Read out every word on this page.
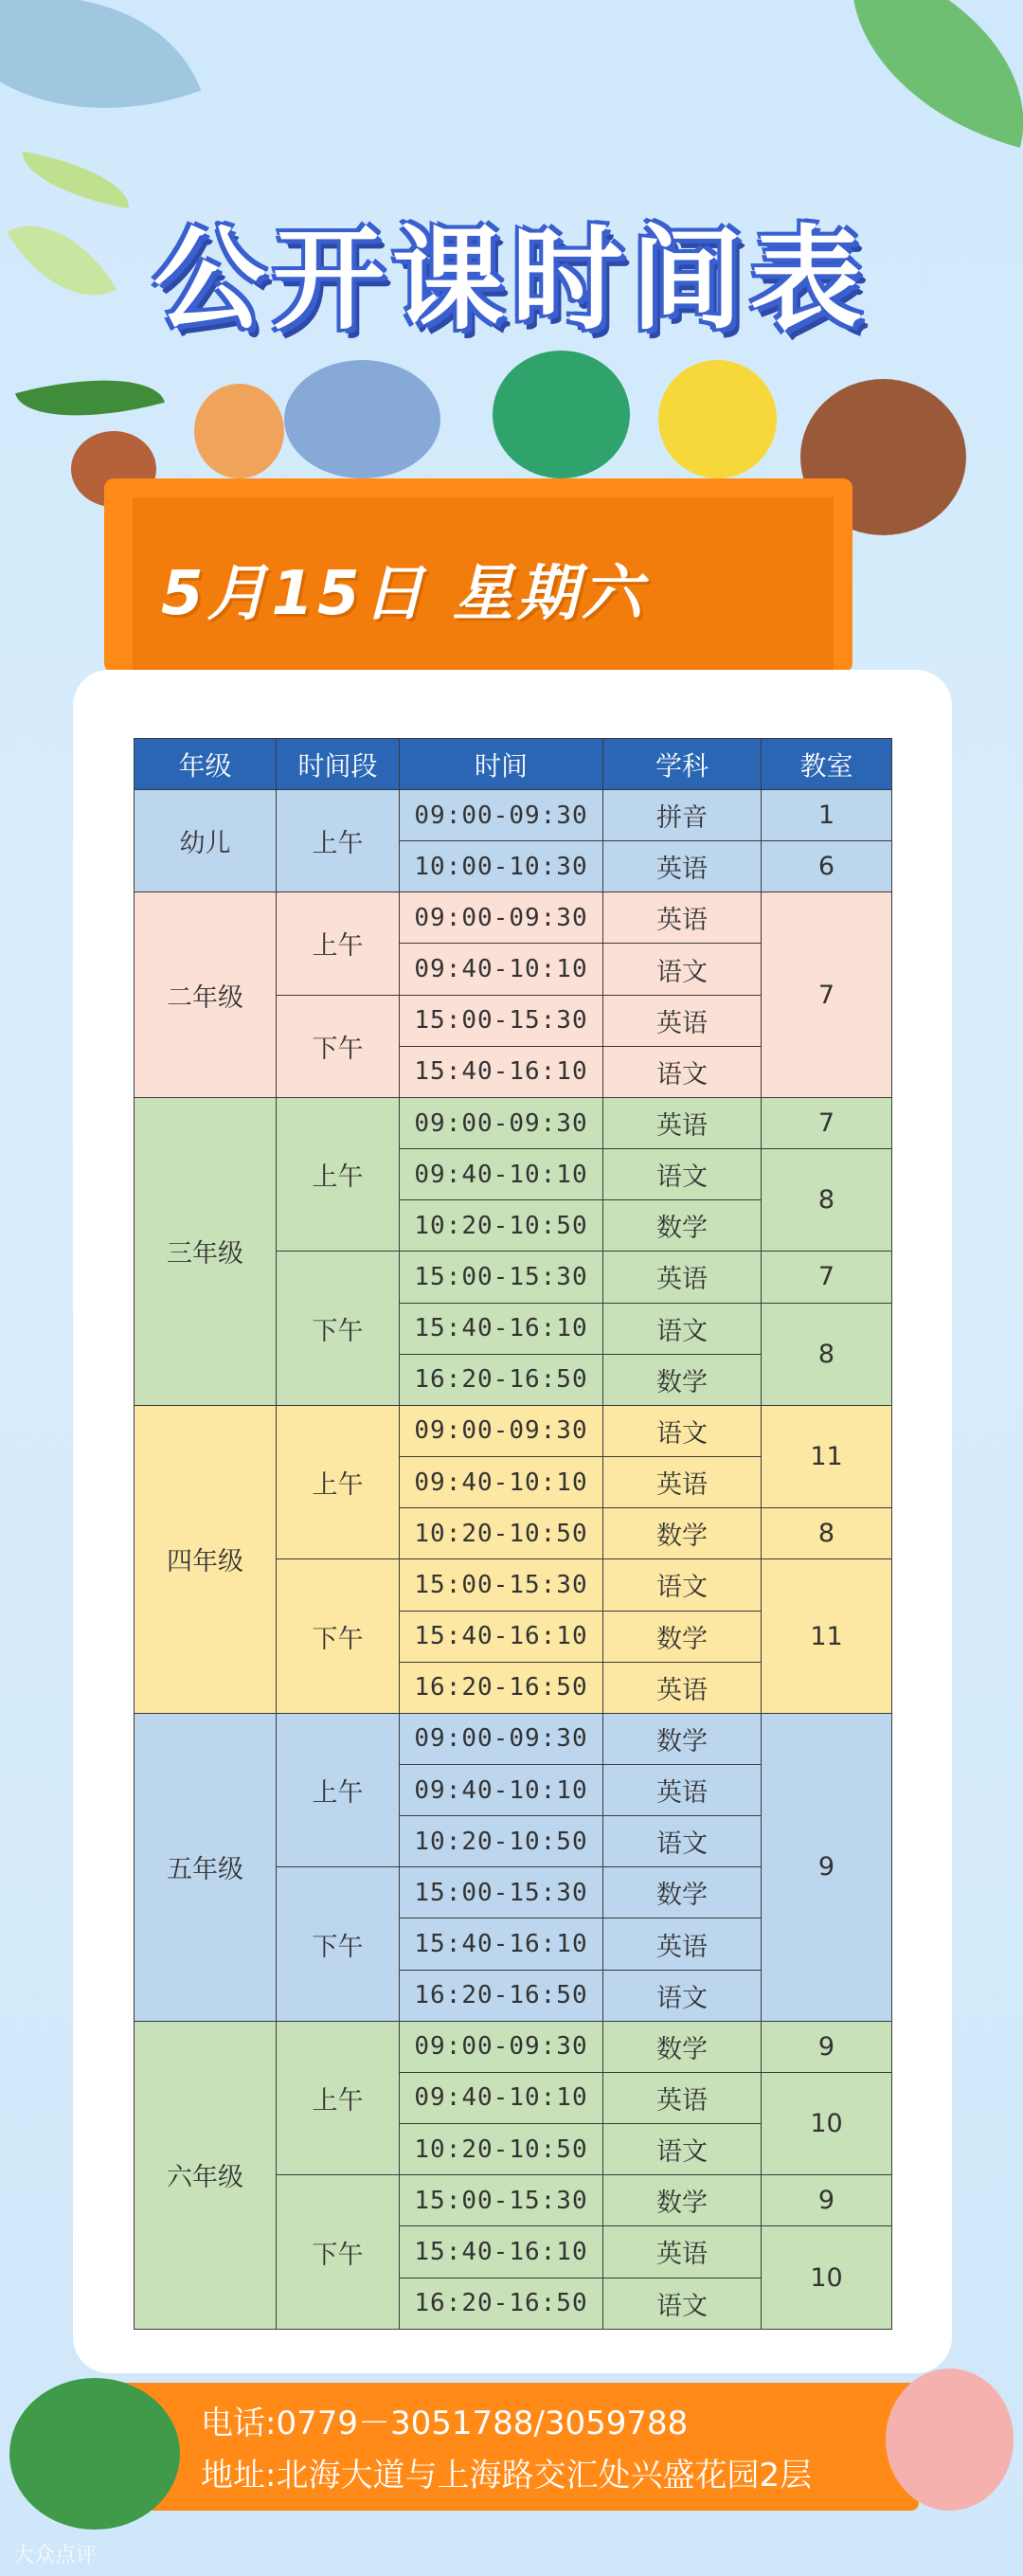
公开课时间表
5月15日 星期六
年级	时间段	时间	学科	教室
幼儿	上午	09:00-09:30	拼音	1
		10:00-10:30	英语	6
二年级	上午	09:00-09:30	英语	7
		09:40-10:10	语文	
	下午	15:00-15:30	英语	
		15:40-16:10	语文	
三年级	上午	09:00-09:30	英语	7
		09:40-10:10	语文	8
		10:20-10:50	数学	
	下午	15:00-15:30	英语	7
		15:40-16:10	语文	8
		16:20-16:50	数学	
四年级	上午	09:00-09:30	语文	11
		09:40-10:10	英语	
		10:20-10:50	数学	8
	下午	15:00-15:30	语文	11
		15:40-16:10	数学	
		16:20-16:50	英语	
五年级	上午	09:00-09:30	数学	9
		09:40-10:10	英语	
		10:20-10:50	语文	
	下午	15:00-15:30	数学	
		15:40-16:10	英语	
		16:20-16:50	语文	
六年级	上午	09:00-09:30	数学	9
		09:40-10:10	英语	10
		10:20-10:50	语文	
	下午	15:00-15:30	数学	9
		15:40-16:10	英语	10
		16:20-16:50	语文	
电话:0779－3051788/3059788
地址:北海大道与上海路交汇处兴盛花园2层
大众点评
